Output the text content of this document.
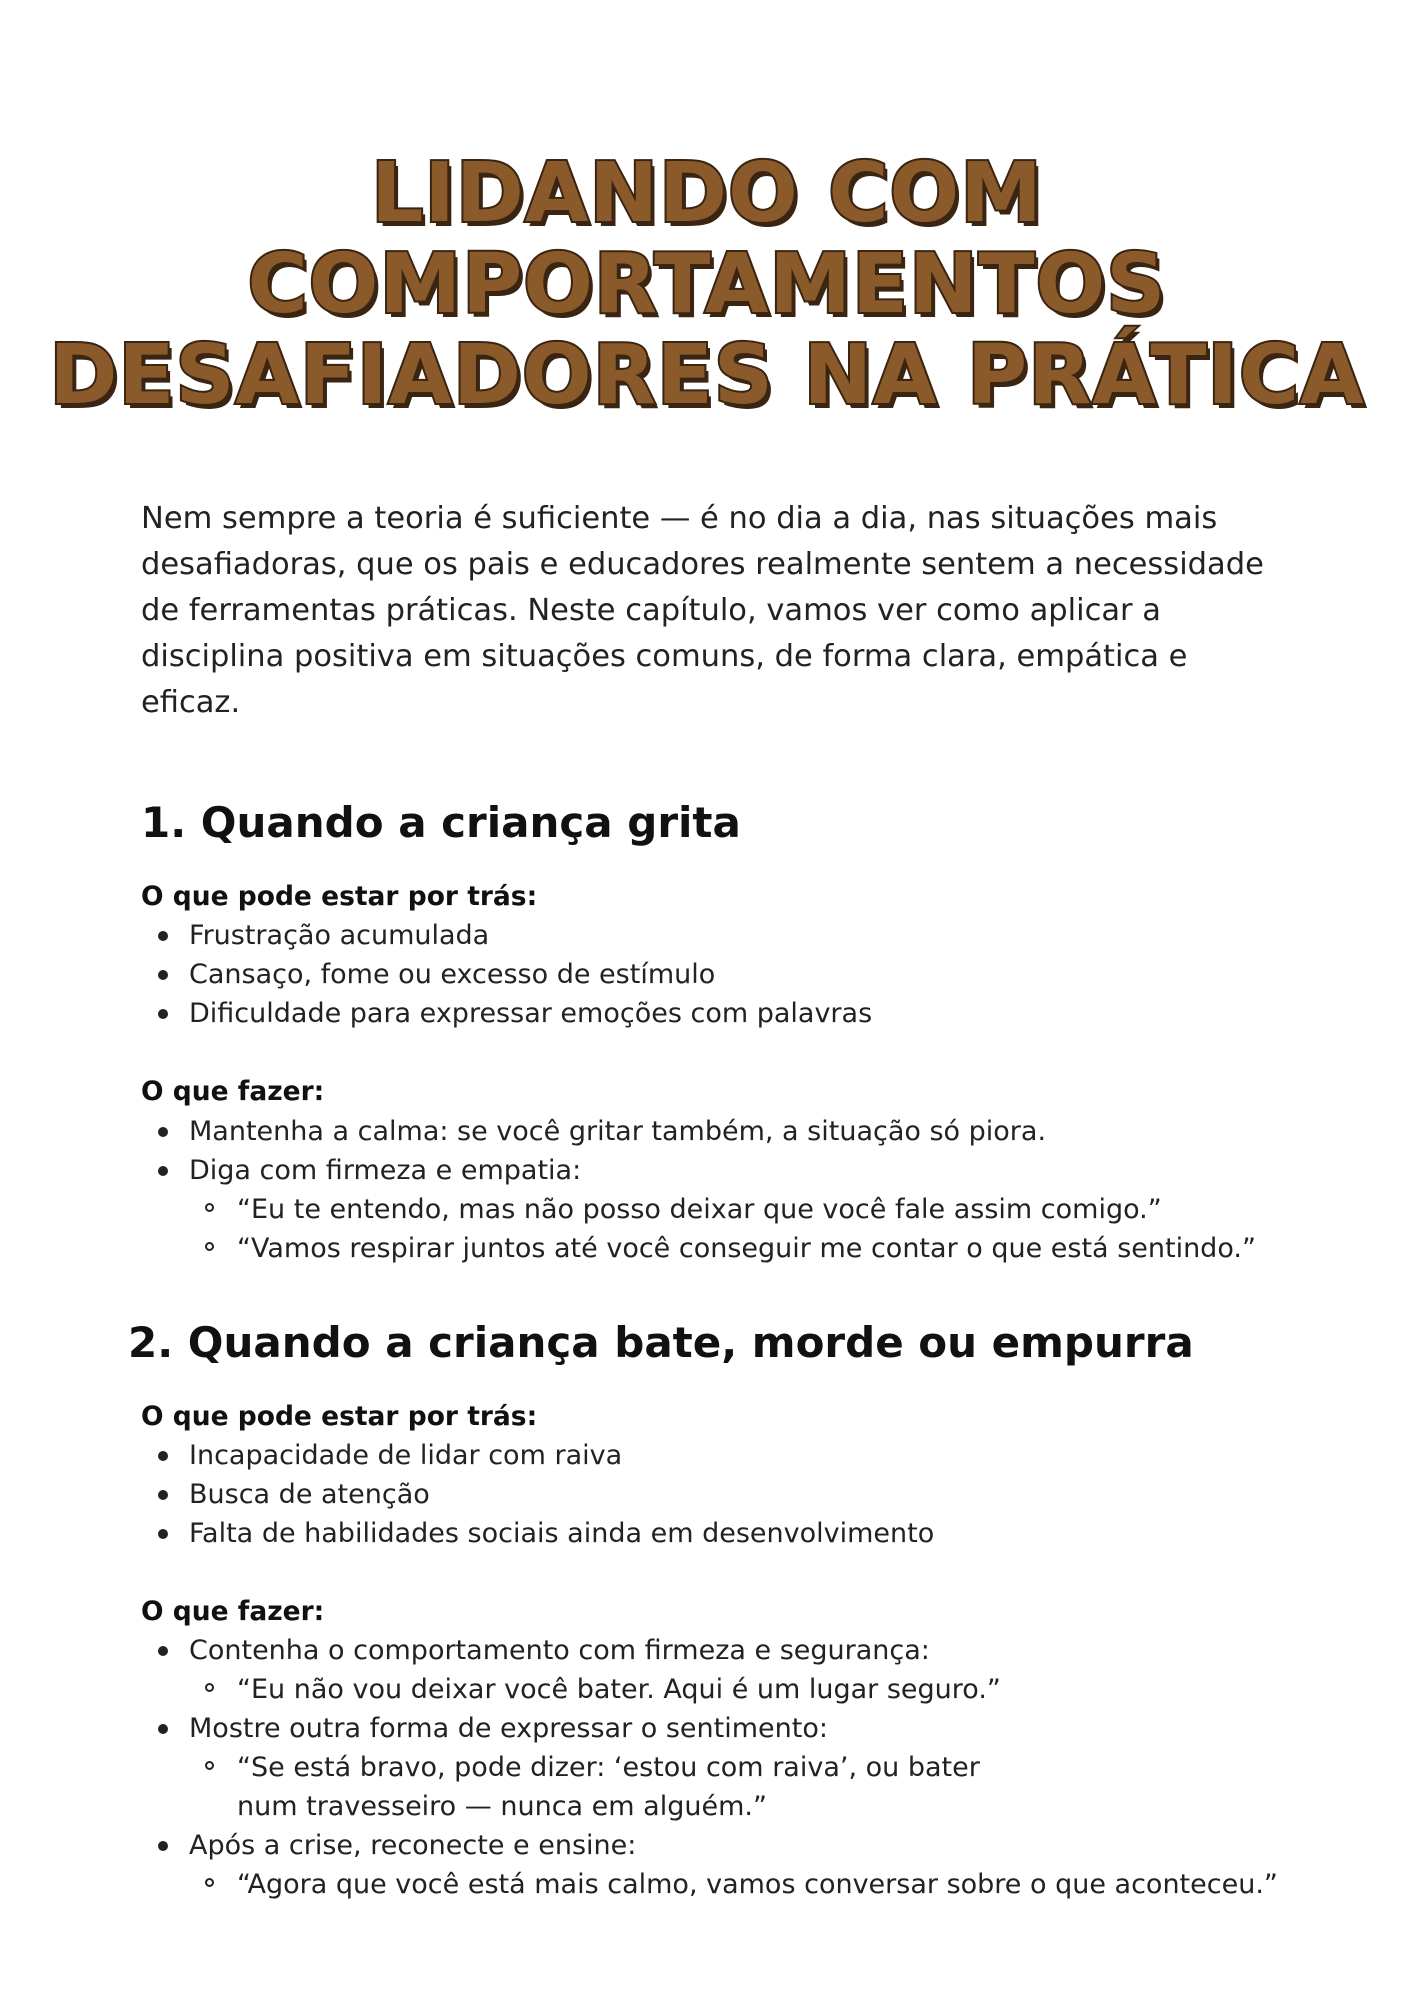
LIDANDO COM
COMPORTAMENTOS
DESAFIADORES NA PRÁTICA

Nem sempre a teoria é suficiente — é no dia a dia, nas situações mais desafiadoras, que os pais e educadores realmente sentem a necessidade de ferramentas práticas. Neste capítulo, vamos ver como aplicar a disciplina positiva em situações comuns, de forma clara, empática e eficaz.

1. Quando a criança grita

O que pode estar por trás:

Frustração acumulada
Cansaço, fome ou excesso de estímulo
Dificuldade para expressar emoções com palavras

O que fazer:

Mantenha a calma: se você gritar também, a situação só piora.
Diga com firmeza e empatia:
“Eu te entendo, mas não posso deixar que você fale assim comigo.”
“Vamos respirar juntos até você conseguir me contar o que está sentindo.”
2. Quando a criança bate, morde ou empurra

O que pode estar por trás:

Incapacidade de lidar com raiva
Busca de atenção
Falta de habilidades sociais ainda em desenvolvimento

O que fazer:

Contenha o comportamento com firmeza e segurança:
“Eu não vou deixar você bater. Aqui é um lugar seguro.”
Mostre outra forma de expressar o sentimento:
“Se está bravo, pode dizer: ‘estou com raiva’, ou bater num travesseiro — nunca em alguém.”
Após a crise, reconecte e ensine:
“Agora que você está mais calmo, vamos conversar sobre o que aconteceu.”
